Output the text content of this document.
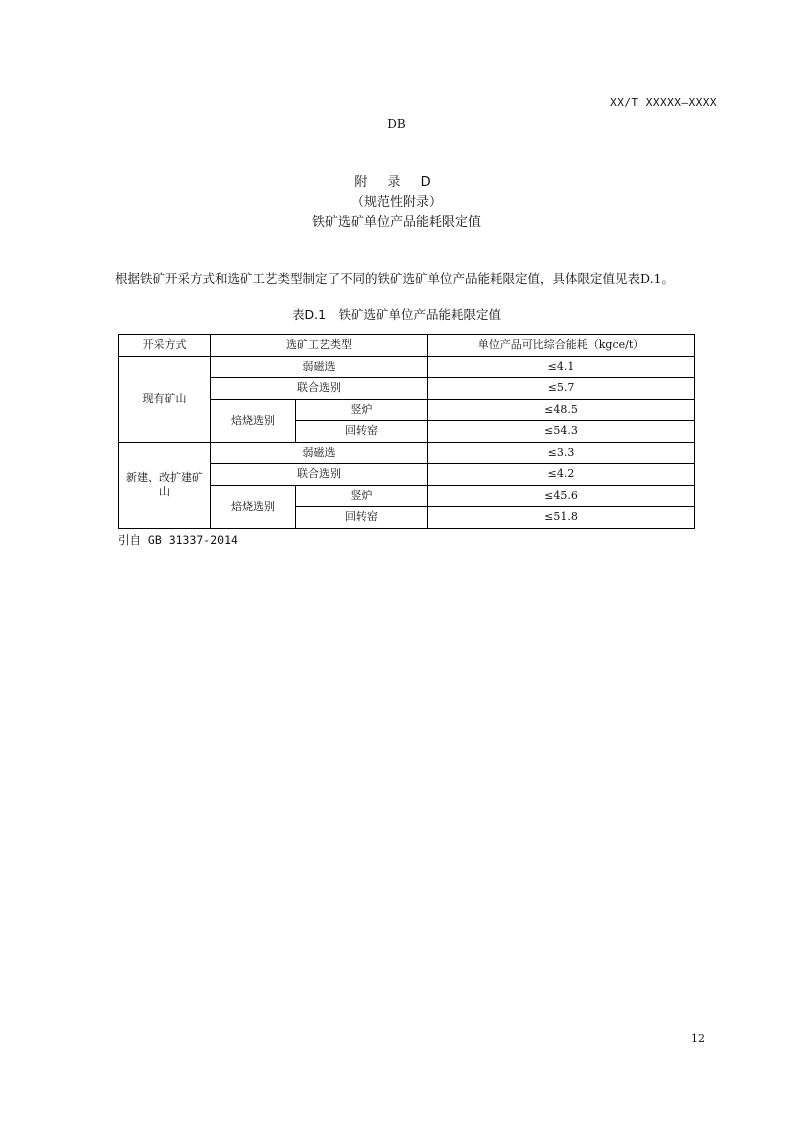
XX/T XXXXX—XXXX
DB
附 录 D
（规范性附录）
铁矿选矿单位产品能耗限定值

根据铁矿开采方式和选矿工艺类型制定了不同的铁矿选矿单位产品能耗限定值，具体限定值见表D.1。

表D.1　铁矿选矿单位产品能耗限定值
开采方式	选矿工艺类型		单位产品可比综合能耗（kgce/t）
现有矿山	弱磁选		≤4.1
	联合选别		≤5.7
	焙烧选别	竖炉	≤48.5
		回转窑	≤54.3
新建、改扩建矿山	弱磁选		≤3.3
	联合选别		≤4.2
	焙烧选别	竖炉	≤45.6
		回转窑	≤51.8
引自 GB 31337-2014
12
